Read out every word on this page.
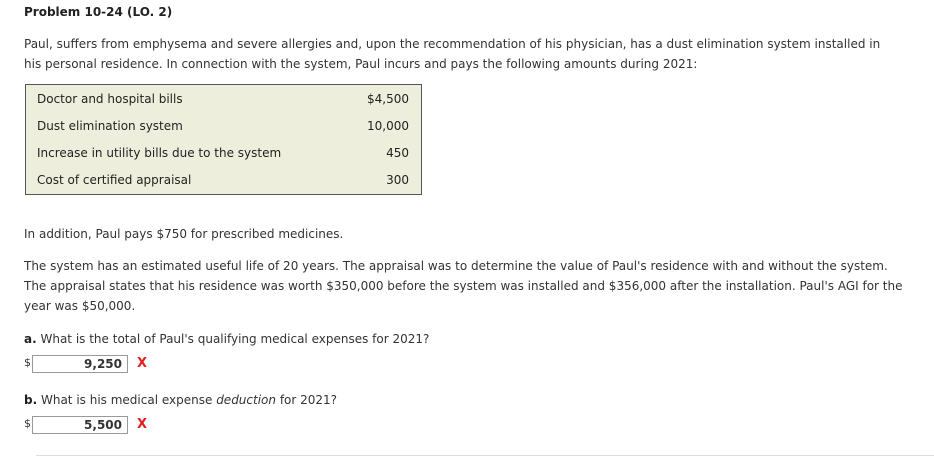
Problem 10-24 (LO. 2)
Paul, suffers from emphysema and severe allergies and, upon the recommendation of his physician, has a dust elimination system installed in his personal residence. In connection with the system, Paul incurs and pays the following amounts during 2021:
Doctor and hospital bills	$4,500
Dust elimination system	10,000
Increase in utility bills due to the system	450
Cost of certified appraisal	300
In addition, Paul pays $750 for prescribed medicines.
The system has an estimated useful life of 20 years. The appraisal was to determine the value of Paul's residence with and without the system. The appraisal states that his residence was worth $350,000 before the system was installed and $356,000 after the installation. Paul's AGI for the year was $50,000.
a. What is the total of Paul's qualifying medical expenses for 2021?
$	9,250	X
b. What is his medical expense deduction for 2021?
$	5,500	X
